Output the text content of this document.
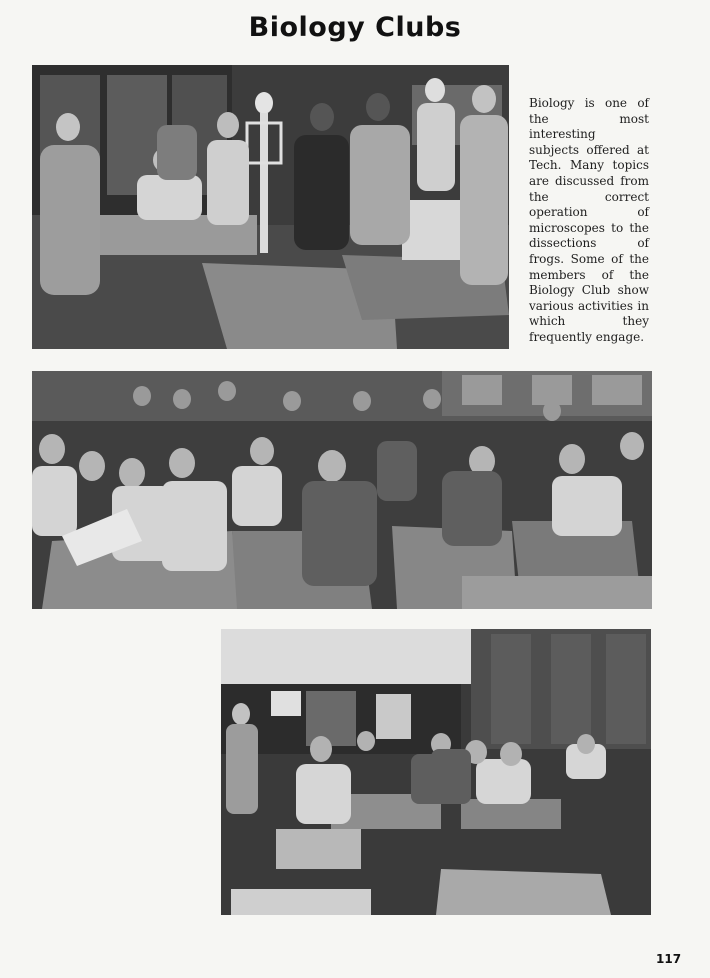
Biology Clubs
Biology is one of the most interesting subjects offered at Tech. Many topics are discussed from the correct operation of microscopes to the dissections of frogs. Some of the members of the Biology Club show various activities in which they frequently engage.
117
